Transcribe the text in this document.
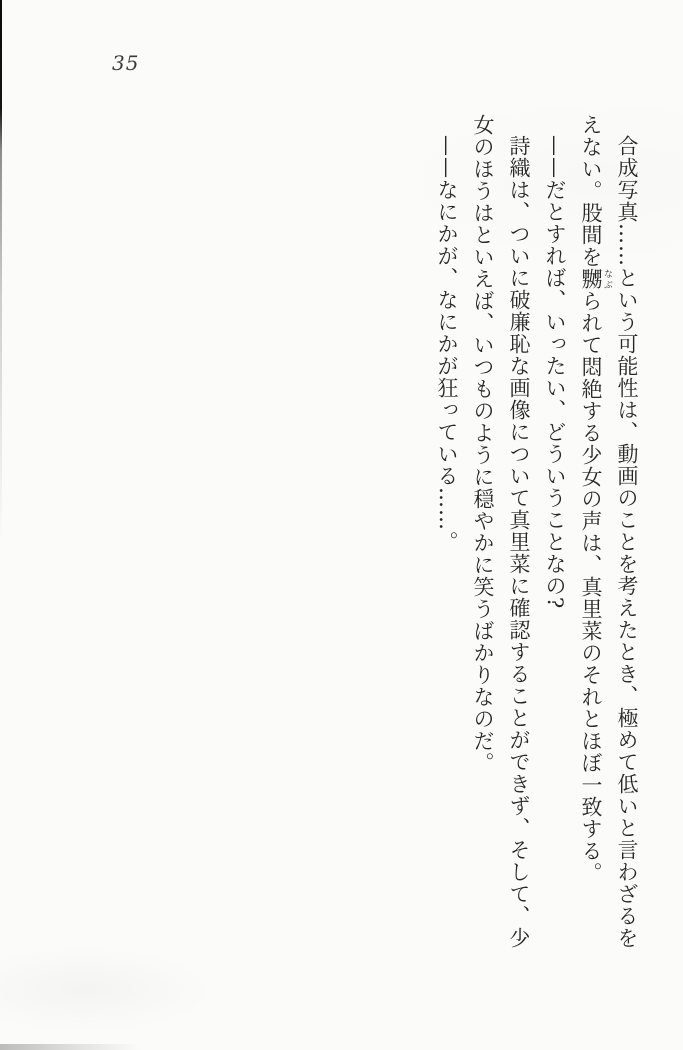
35

合成写真……という可能性は、動画のことを考えたとき、極めて低いと言わざるをえない。股間を嬲 なぶられて悶絶する少女の声は、真里菜のそれとほぼ一致する。

——だとすれば、いったい、どういうことなの?

詩織は、ついに破廉恥な画像について真里菜に確認することができず、そして、少女のほうはといえば、いつものように穏やかに笑うばかりなのだ。

——なにかが、なにかが狂っている……。
